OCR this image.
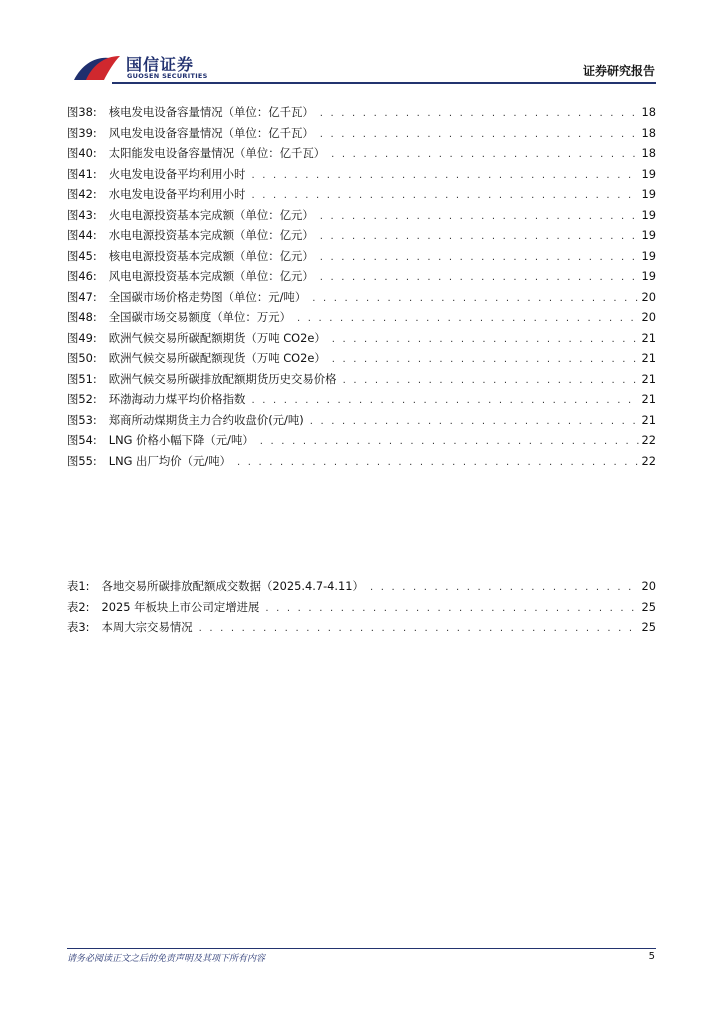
国信证券
GUOSEN SECURITIES	证券研究报告
图38: 核电发电设备容量情况（单位：亿千瓦） . . .	18
图39: 风电发电设备容量情况（单位：亿千瓦） . . .	18
图40: 太阳能发电设备容量情况（单位：亿千瓦） . . .	18
图41: 火电发电设备平均利用小时 . . .	19
图42: 水电发电设备平均利用小时 . . .	19
图43: 火电电源投资基本完成额（单位：亿元） . . .	19
图44: 水电电源投资基本完成额（单位：亿元） . . .	19
图45: 核电电源投资基本完成额（单位：亿元） . . .	19
图46: 风电电源投资基本完成额（单位：亿元） . . .	19
图47: 全国碳市场价格走势图（单位：元/吨） . . .	20
图48: 全国碳市场交易额度（单位：万元） . . .	20
图49: 欧洲气候交易所碳配额期货（万吨 CO2e） . . .	21
图50: 欧洲气候交易所碳配额现货（万吨 CO2e） . . .	21
图51: 欧洲气候交易所碳排放配额期货历史交易价格 . . .	21
图52: 环渤海动力煤平均价格指数 . . .	21
图53: 郑商所动煤期货主力合约收盘价(元/吨) . . .	21
图54: LNG 价格小幅下降（元/吨） . . .	22
图55: LNG 出厂均价（元/吨） . . .	22
表1: 各地交易所碳排放配额成交数据（2025.4.7-4.11） . . .	20
表2: 2025 年板块上市公司定增进展 . . .	25
表3: 本周大宗交易情况 . . .	25
请务必阅读正文之后的免责声明及其项下所有内容	5
